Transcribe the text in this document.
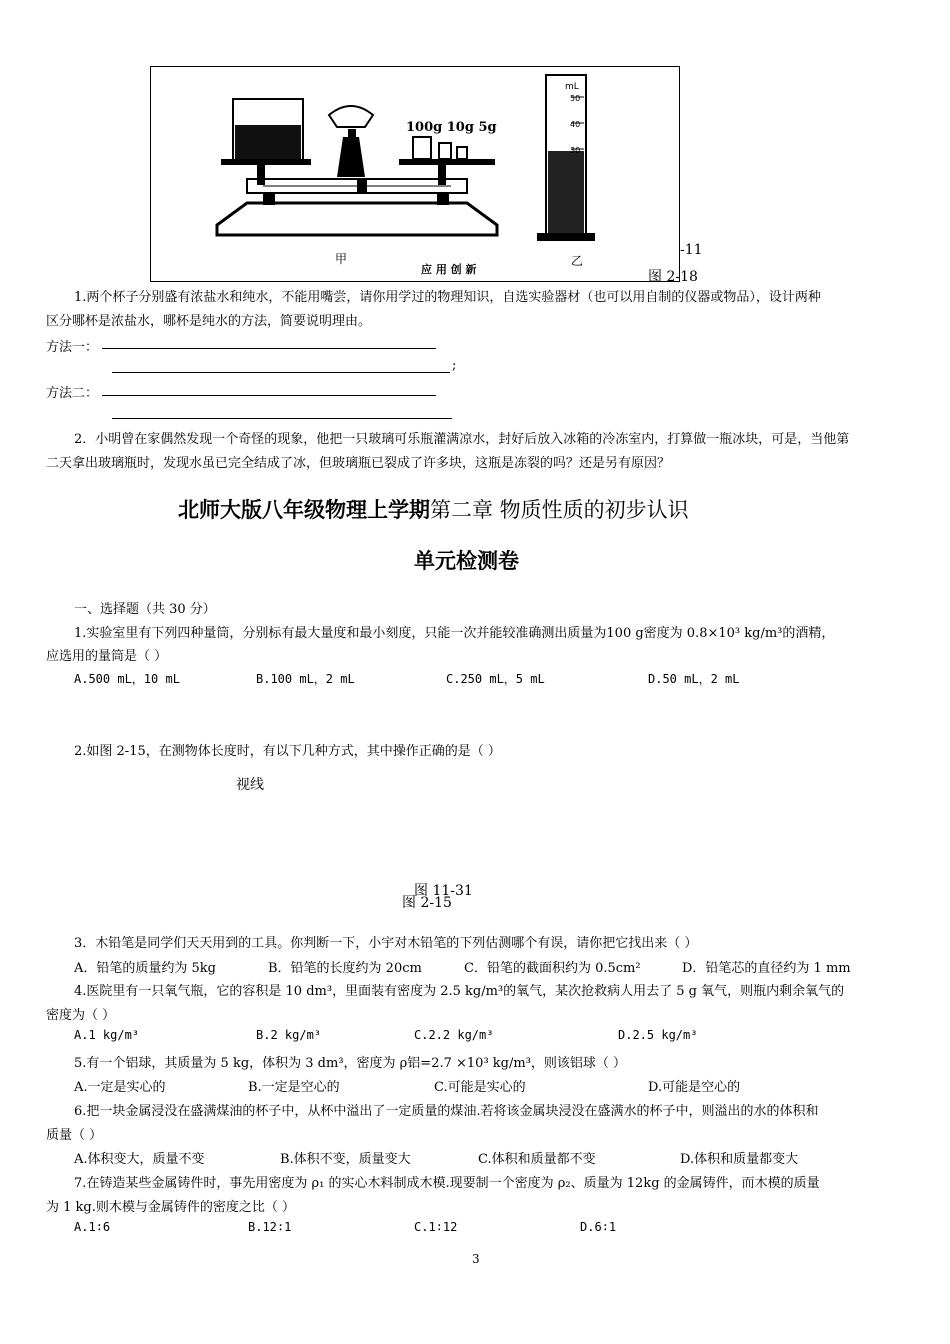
100g 10g 5g
mL
50
40
30
甲	乙
应 用 创 新
-11
图 2-18
1.两个杯子分别盛有浓盐水和纯水，不能用嘴尝，请你用学过的物理知识，自选实验器材（也可以用自制的仪器或物品），设计两种
区分哪杯是浓盐水，哪杯是纯水的方法，简要说明理由。
方法一：
;
方法二：
2．小明曾在家偶然发现一个奇怪的现象，他把一只玻璃可乐瓶灌满凉水，封好后放入冰箱的冷冻室内，打算做一瓶冰块，可是，当他第
二天拿出玻璃瓶时，发现水虽已完全结成了冰，但玻璃瓶已裂成了许多块，这瓶是冻裂的吗？还是另有原因？
北师大版八年级物理上学期第二章 物质性质的初步认识
单元检测卷
一、选择题（共 30 分）
1.实验室里有下列四种量筒，分别标有最大量度和最小刻度，只能一次并能较准确测出质量为100 g密度为 0.8×10³ kg/m³的酒精，
应选用的量筒是（ ）
A.500 mL，10 mL	B.100 mL，2 mL	C.250 mL，5 mL	D.50 mL，2 mL
2.如图 2-15，在测物体长度时，有以下几种方式，其中操作正确的是（ ）
视线
图 11-31
图 2-15
3．木铅笔是同学们天天用到的工具。你判断一下，小宇对木铅笔的下列估测哪个有误，请你把它找出来（ ）
A．铅笔的质量约为 5kg	B．铅笔的长度约为 20cm	C．铅笔的截面积约为 0.5cm²	D．铅笔芯的直径约为 1 mm
4.医院里有一只氧气瓶，它的容积是 10 dm³，里面装有密度为 2.5 kg/m³的氧气，某次抢救病人用去了 5 g 氧气，则瓶内剩余氧气的
密度为（ ）
A.1 kg/m³	B.2 kg/m³	C.2.2 kg/m³	D.2.5 kg/m³
5.有一个铝球，其质量为 5 kg，体积为 3 dm³，密度为 ρ铝=2.7 ×10³ kg/m³，则该铝球（ ）
A.一定是实心的	B.一定是空心的	C.可能是实心的	D.可能是空心的
6.把一块金属浸没在盛满煤油的杯子中，从杯中溢出了一定质量的煤油.若将该金属块浸没在盛满水的杯子中，则溢出的水的体积和
质量（ ）
A.体积变大，质量不变	B.体积不变，质量变大	C.体积和质量都不变	D.体积和质量都变大
7.在铸造某些金属铸件时，事先用密度为 ρ₁ 的实心木料制成木模.现要制一个密度为 ρ₂、质量为 12kg 的金属铸件，而木模的质量
为 1 kg.则木模与金属铸件的密度之比（ ）
A.1∶6	B.12∶1	C.1∶12	D.6∶1
3
